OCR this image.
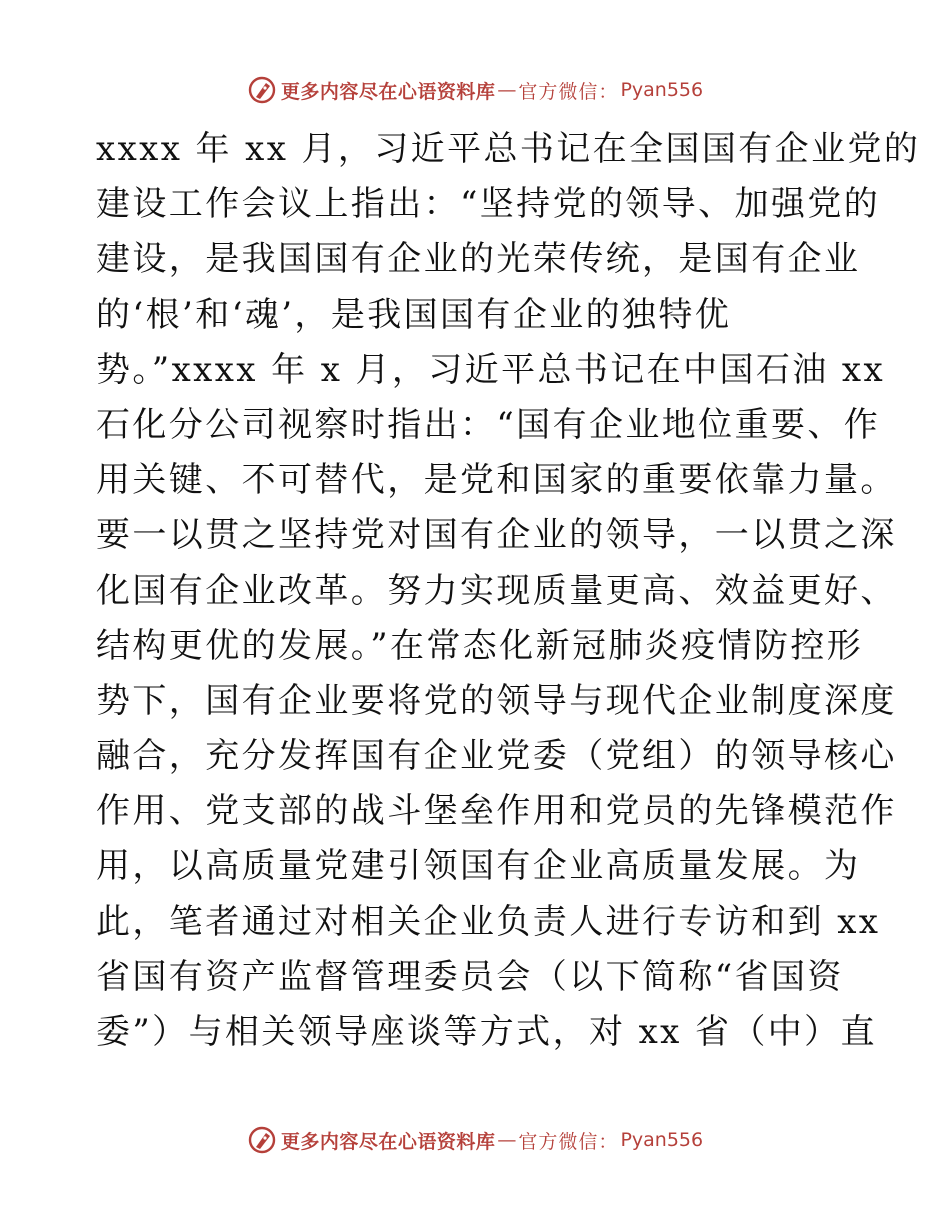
更多内容尽在心语资料库 — 官方微信： Pyan556
xxxx 年 xx 月，习近平总书记在全国国有企业党的
建设工作会议上指出：“坚持党的领导、加强党的
建设，是我国国有企业的光荣传统，是国有企业
的‘根’和‘魂’，是我国国有企业的独特优
势。”xxxx 年 x 月，习近平总书记在中国石油 xx
石化分公司视察时指出：“国有企业地位重要、作
用关键、不可替代，是党和国家的重要依靠力量。
要一以贯之坚持党对国有企业的领导，一以贯之深
化国有企业改革。努力实现质量更高、效益更好、
结构更优的发展。”在常态化新冠肺炎疫情防控形
势下，国有企业要将党的领导与现代企业制度深度
融合，充分发挥国有企业党委（党组）的领导核心
作用、党支部的战斗堡垒作用和党员的先锋模范作
用，以高质量党建引领国有企业高质量发展。为
此，笔者通过对相关企业负责人进行专访和到 xx
省国有资产监督管理委员会（以下简称“省国资
委”）与相关领导座谈等方式，对 xx 省（中）直
更多内容尽在心语资料库 — 官方微信： Pyan556
